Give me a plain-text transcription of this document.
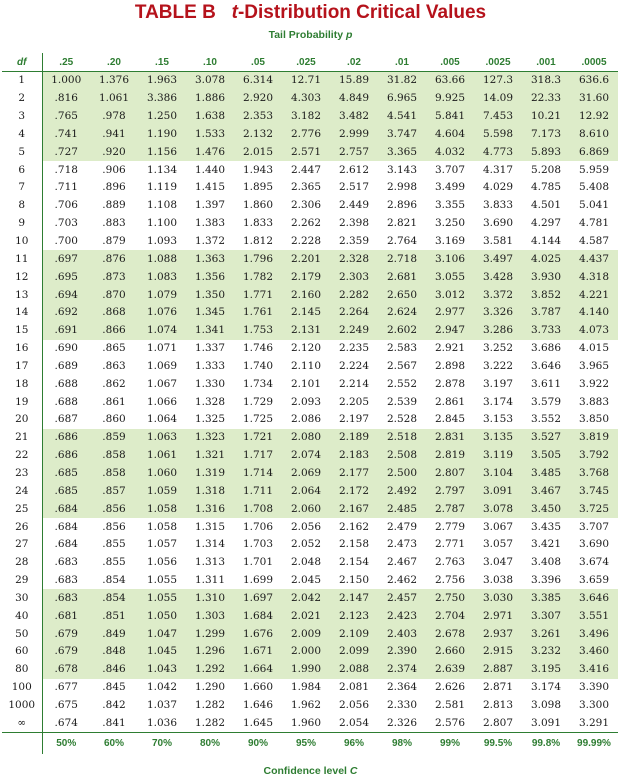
TABLE B t-Distribution Critical Values
Tail Probability p
df	.25	.20	.15	.10	.05	.025	.02	.01	.005	.0025	.001	.0005
1	1.000	1.376	1.963	3.078	6.314	12.71	15.89	31.82	63.66	127.3	318.3	636.6
2	.816	1.061	3.386	1.886	2.920	4.303	4.849	6.965	9.925	14.09	22.33	31.60
3	.765	.978	1.250	1.638	2.353	3.182	3.482	4.541	5.841	7.453	10.21	12.92
4	.741	.941	1.190	1.533	2.132	2.776	2.999	3.747	4.604	5.598	7.173	8.610
5	.727	.920	1.156	1.476	2.015	2.571	2.757	3.365	4.032	4.773	5.893	6.869
6	.718	.906	1.134	1.440	1.943	2.447	2.612	3.143	3.707	4.317	5.208	5.959
7	.711	.896	1.119	1.415	1.895	2.365	2.517	2.998	3.499	4.029	4.785	5.408
8	.706	.889	1.108	1.397	1.860	2.306	2.449	2.896	3.355	3.833	4.501	5.041
9	.703	.883	1.100	1.383	1.833	2.262	2.398	2.821	3.250	3.690	4.297	4.781
10	.700	.879	1.093	1.372	1.812	2.228	2.359	2.764	3.169	3.581	4.144	4.587
11	.697	.876	1.088	1.363	1.796	2.201	2.328	2.718	3.106	3.497	4.025	4.437
12	.695	.873	1.083	1.356	1.782	2.179	2.303	2.681	3.055	3.428	3.930	4.318
13	.694	.870	1.079	1.350	1.771	2.160	2.282	2.650	3.012	3.372	3.852	4.221
14	.692	.868	1.076	1.345	1.761	2.145	2.264	2.624	2.977	3.326	3.787	4.140
15	.691	.866	1.074	1.341	1.753	2.131	2.249	2.602	2.947	3.286	3.733	4.073
16	.690	.865	1.071	1.337	1.746	2.120	2.235	2.583	2.921	3.252	3.686	4.015
17	.689	.863	1.069	1.333	1.740	2.110	2.224	2.567	2.898	3.222	3.646	3.965
18	.688	.862	1.067	1.330	1.734	2.101	2.214	2.552	2.878	3.197	3.611	3.922
19	.688	.861	1.066	1.328	1.729	2.093	2.205	2.539	2.861	3.174	3.579	3.883
20	.687	.860	1.064	1.325	1.725	2.086	2.197	2.528	2.845	3.153	3.552	3.850
21	.686	.859	1.063	1.323	1.721	2.080	2.189	2.518	2.831	3.135	3.527	3.819
22	.686	.858	1.061	1.321	1.717	2.074	2.183	2.508	2.819	3.119	3.505	3.792
23	.685	.858	1.060	1.319	1.714	2.069	2.177	2.500	2.807	3.104	3.485	3.768
24	.685	.857	1.059	1.318	1.711	2.064	2.172	2.492	2.797	3.091	3.467	3.745
25	.684	.856	1.058	1.316	1.708	2.060	2.167	2.485	2.787	3.078	3.450	3.725
26	.684	.856	1.058	1.315	1.706	2.056	2.162	2.479	2.779	3.067	3.435	3.707
27	.684	.855	1.057	1.314	1.703	2.052	2.158	2.473	2.771	3.057	3.421	3.690
28	.683	.855	1.056	1.313	1.701	2.048	2.154	2.467	2.763	3.047	3.408	3.674
29	.683	.854	1.055	1.311	1.699	2.045	2.150	2.462	2.756	3.038	3.396	3.659
30	.683	.854	1.055	1.310	1.697	2.042	2.147	2.457	2.750	3.030	3.385	3.646
40	.681	.851	1.050	1.303	1.684	2.021	2.123	2.423	2.704	2.971	3.307	3.551
50	.679	.849	1.047	1.299	1.676	2.009	2.109	2.403	2.678	2.937	3.261	3.496
60	.679	.848	1.045	1.296	1.671	2.000	2.099	2.390	2.660	2.915	3.232	3.460
80	.678	.846	1.043	1.292	1.664	1.990	2.088	2.374	2.639	2.887	3.195	3.416
100	.677	.845	1.042	1.290	1.660	1.984	2.081	2.364	2.626	2.871	3.174	3.390
1000	.675	.842	1.037	1.282	1.646	1.962	2.056	2.330	2.581	2.813	3.098	3.300
∞	.674	.841	1.036	1.282	1.645	1.960	2.054	2.326	2.576	2.807	3.091	3.291
	50%	60%	70%	80%	90%	95%	96%	98%	99%	99.5%	99.8%	99.99%
Confidence level C
